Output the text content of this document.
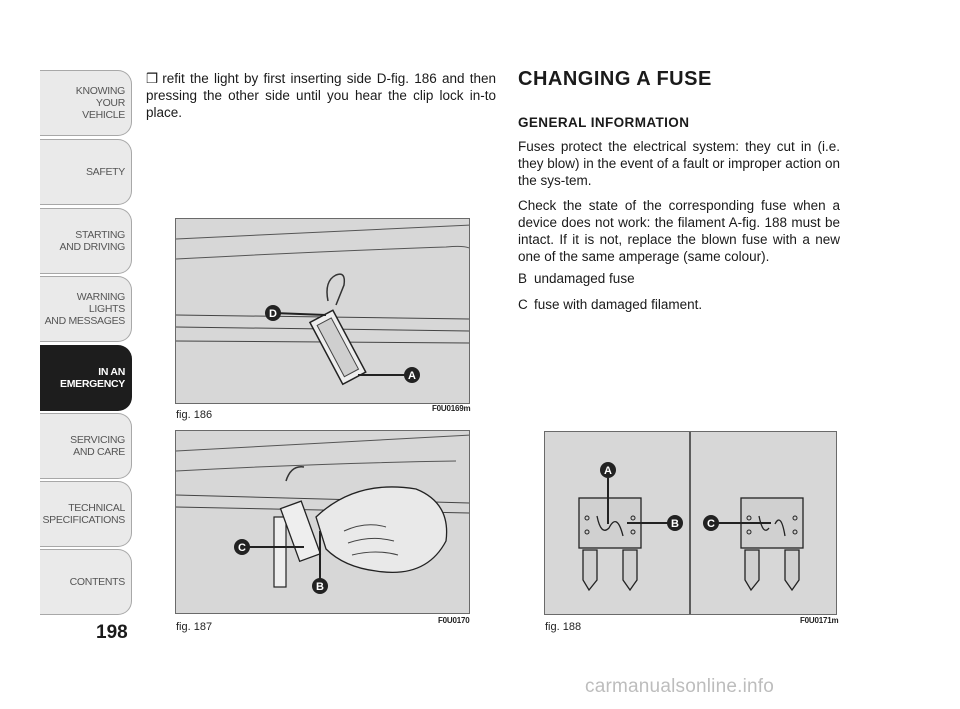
KNOWING
YOUR
VEHICLE
SAFETY
STARTING
AND DRIVING
WARNING LIGHTS
AND MESSAGES
IN AN
EMERGENCY
SERVICING
AND CARE
TECHNICAL
SPECIFICATIONS
CONTENTS
198
❒ refit the light by first inserting side D-fig. 186 and then pressing the other side until you hear the clip lock in-to place.
CHANGING A FUSE
GENERAL INFORMATION
Fuses protect the electrical system: they cut in (i.e. they blow) in the event of a fault or improper action on the sys-tem.
Check the state of the corresponding fuse when a device does not work: the filament A-fig. 188 must be intact. If it is not, replace the blown fuse with a new one of the same amperage (same colour).
B undamaged fuse
C fuse with damaged filament.
D
A
fig. 186
F0U0169m
C
B
fig. 187
F0U0170
A
B	C
fig. 188
F0U0171m
carmanualsonline.info
